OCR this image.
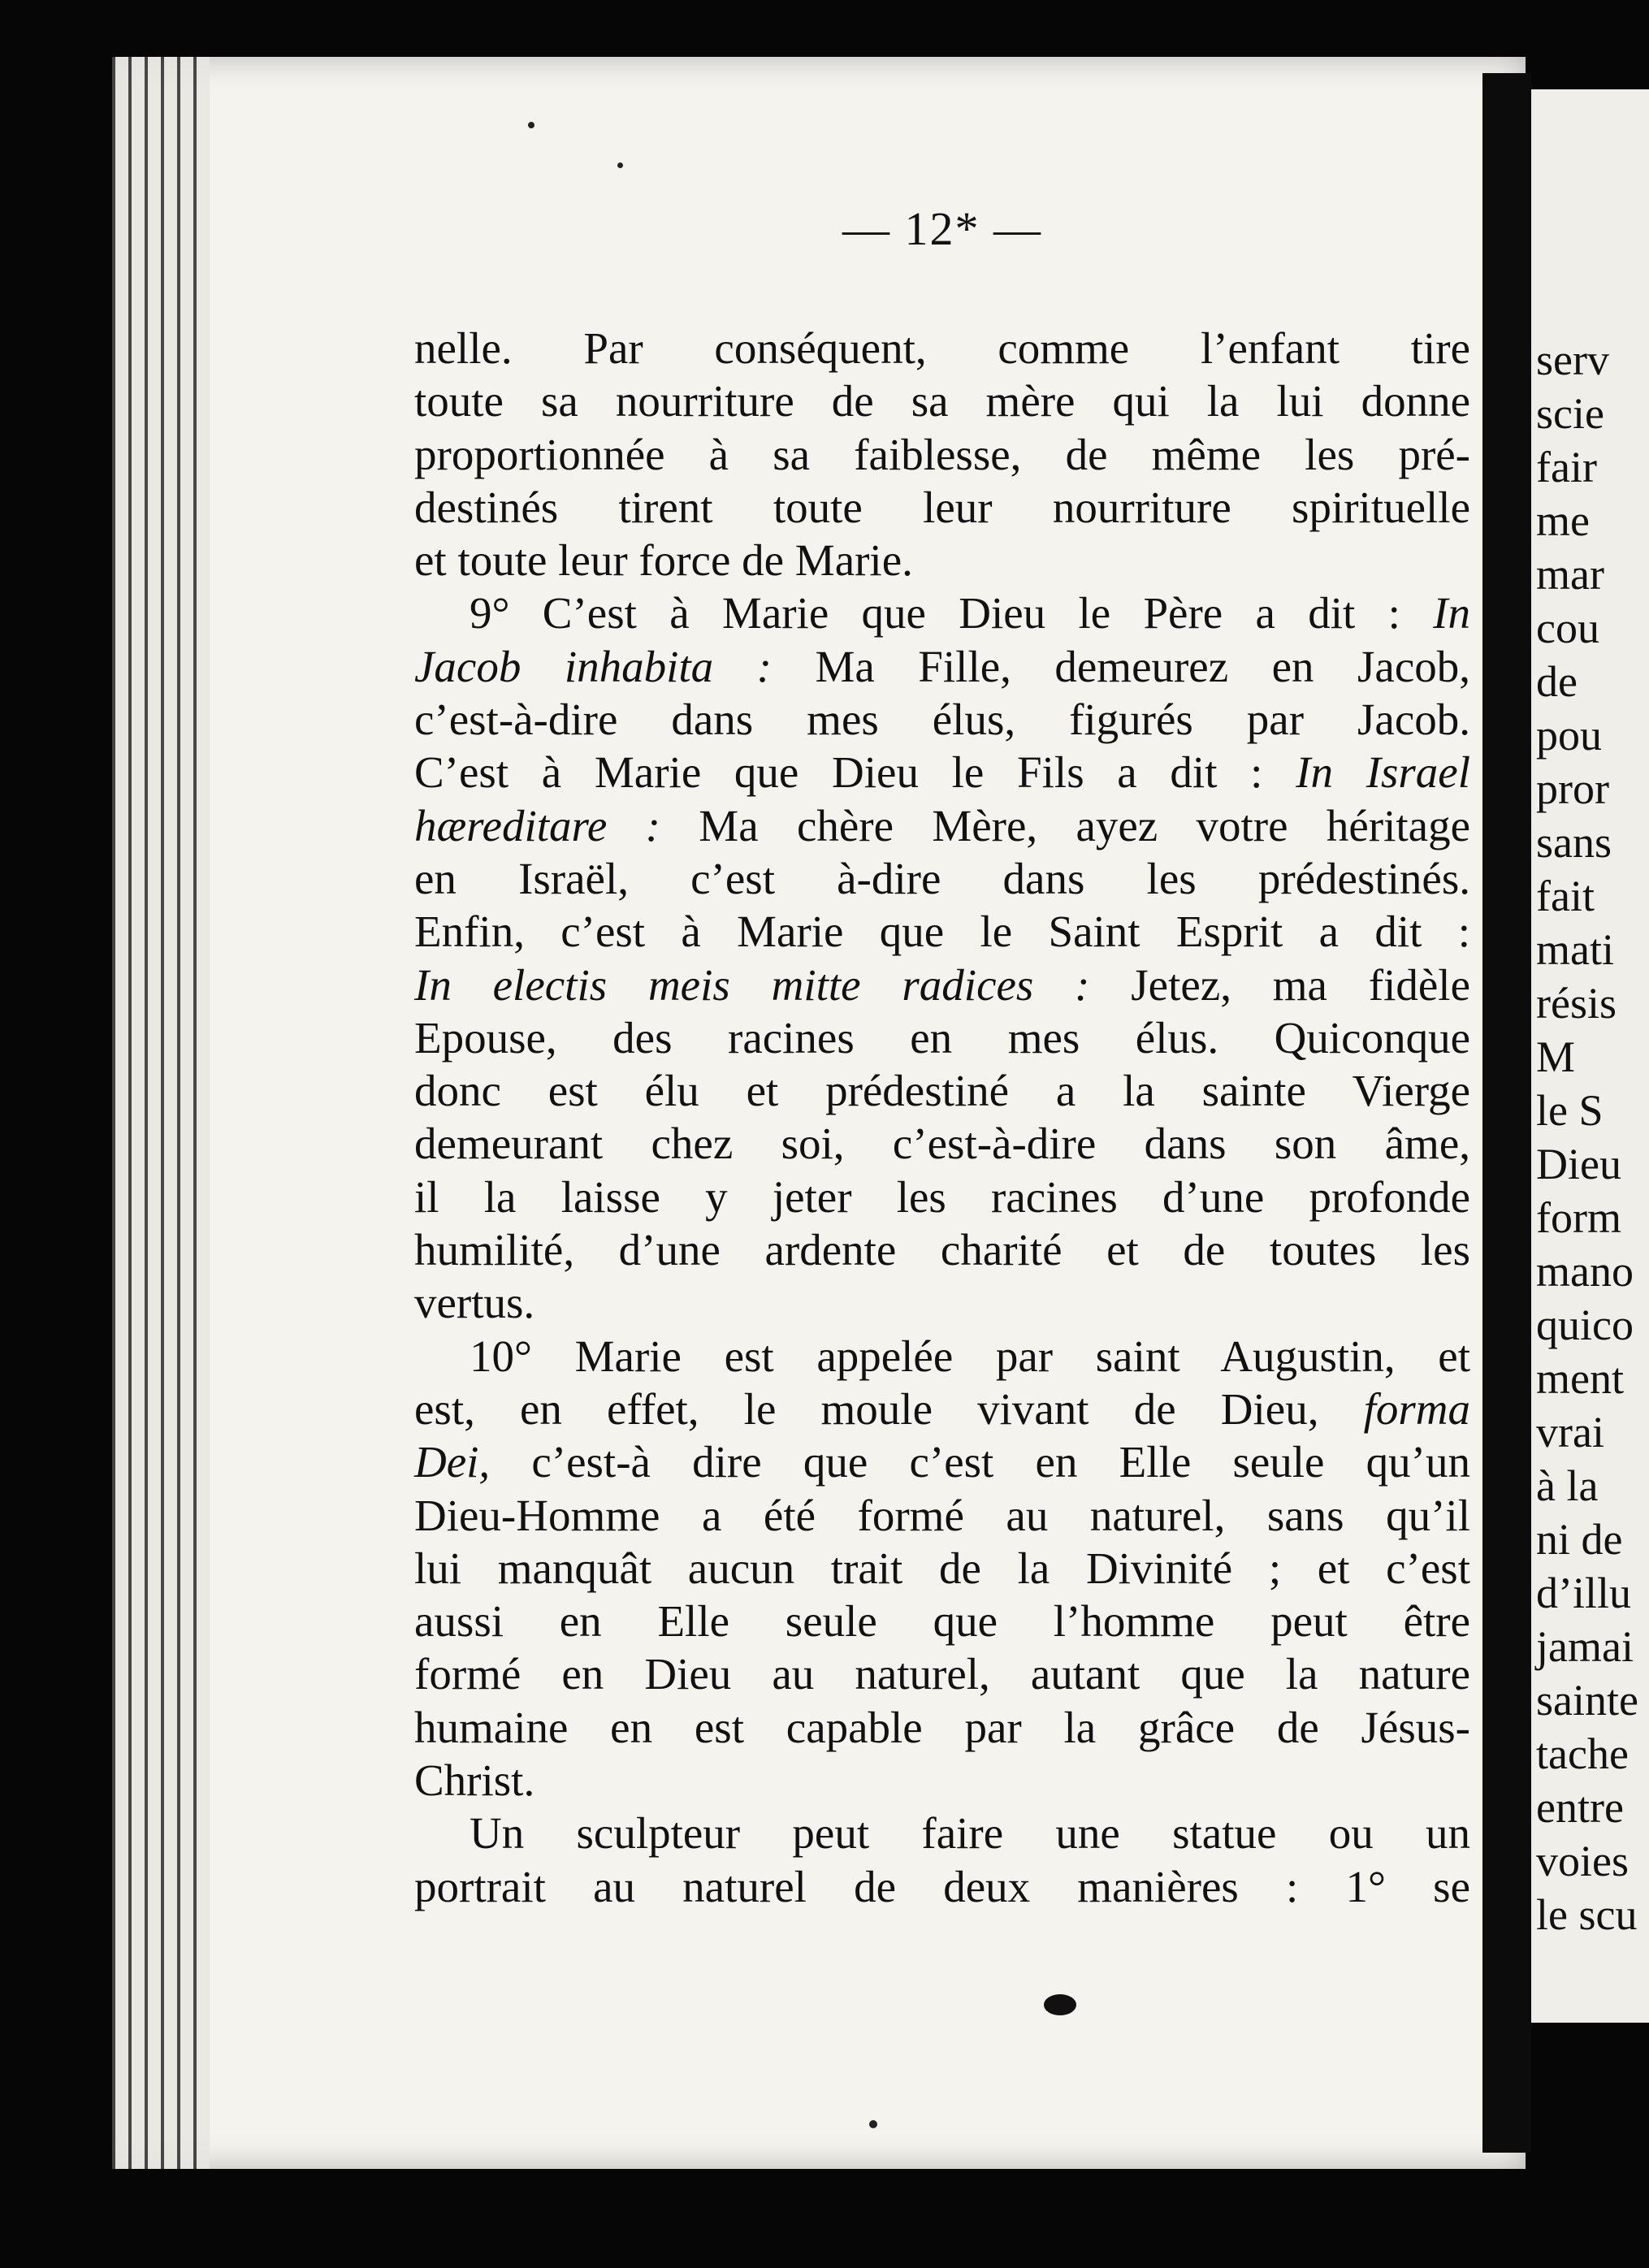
serv
scie
fair
me
mar
cou
de
pou
pror
sans
fait
mati
résis
M
le S
Dieu
form
mano
quico
ment
vrai
à la
ni de
d’illu
jamai
sainte
tache
entre
voies
le scu
— 12* —
nelle. Par conséquent, comme l’enfant tire
toute sa nourriture de sa mère qui la lui donne
proportionnée à sa faiblesse, de même les pré-
destinés tirent toute leur nourriture spirituelle
et toute leur force de Marie.
9° C’est à Marie que Dieu le Père a dit : In
Jacob inhabita : Ma Fille, demeurez en Jacob,
c’est-à-dire dans mes élus, figurés par Jacob.
C’est à Marie que Dieu le Fils a dit : In Israel
hæreditare : Ma chère Mère, ayez votre héritage
en Israël, c’est à-dire dans les prédestinés.
Enfin, c’est à Marie que le Saint Esprit a dit :
In electis meis mitte radices : Jetez, ma fidèle
Epouse, des racines en mes élus. Quiconque
donc est élu et prédestiné a la sainte Vierge
demeurant chez soi, c’est-à-dire dans son âme,
il la laisse y jeter les racines d’une profonde
humilité, d’une ardente charité et de toutes les
vertus.
10° Marie est appelée par saint Augustin, et
est, en effet, le moule vivant de Dieu, forma
Dei, c’est-à dire que c’est en Elle seule qu’un
Dieu-Homme a été formé au naturel, sans qu’il
lui manquât aucun trait de la Divinité ; et c’est
aussi en Elle seule que l’homme peut être
formé en Dieu au naturel, autant que la nature
humaine en est capable par la grâce de Jésus-
Christ.
Un sculpteur peut faire une statue ou un
portrait au naturel de deux manières : 1° se
